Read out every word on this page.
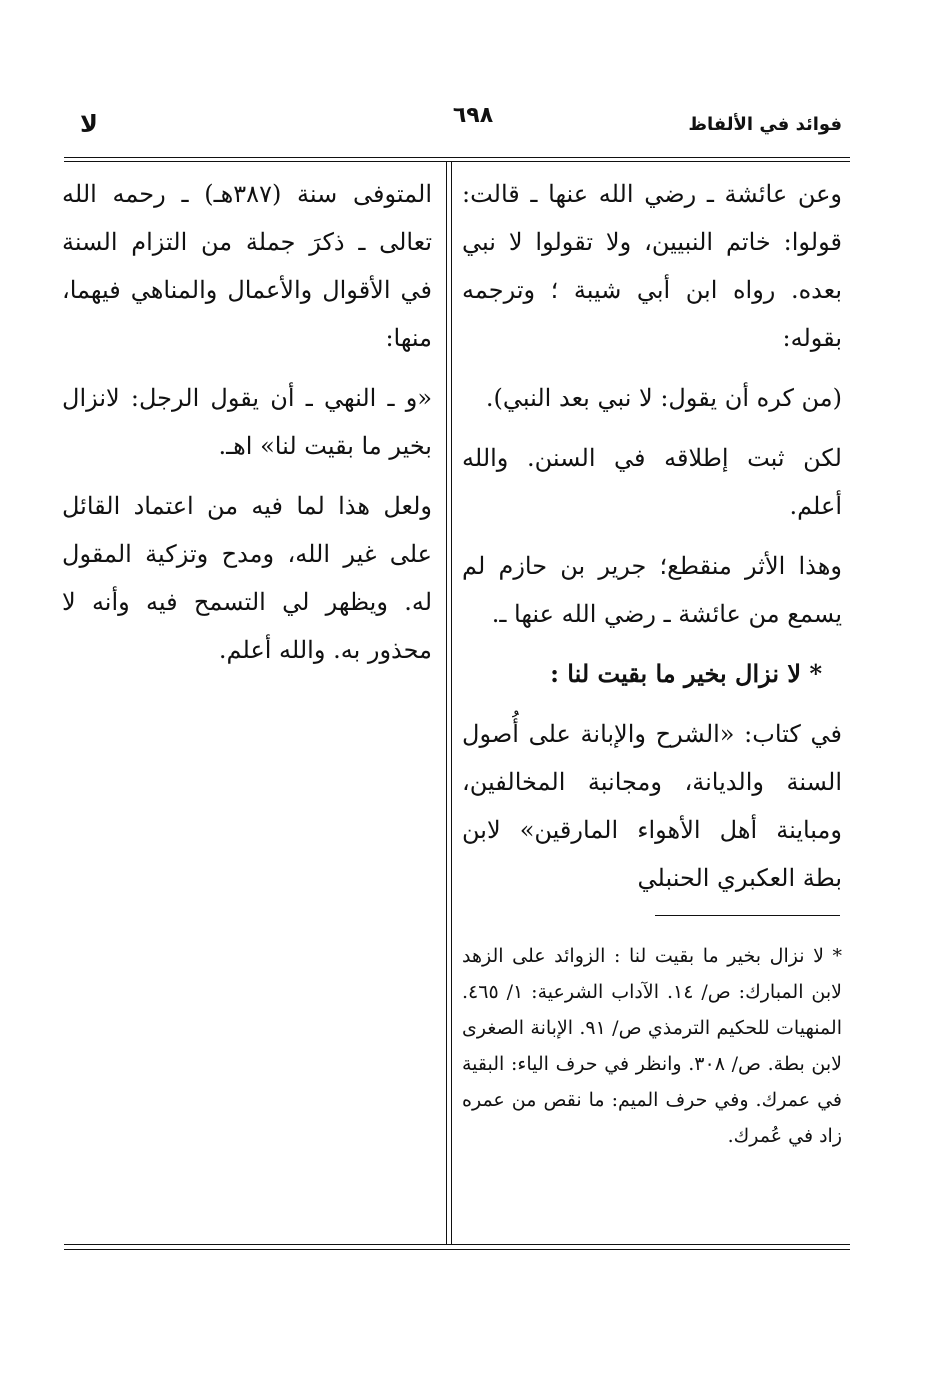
فوائد في الألفاظ
٦٩٨
لا

وعن عائشة ـ رضي الله عنها ـ قالت: قولوا: خاتم النبيين، ولا تقولوا لا نبي بعده. رواه ابن أبي شيبة ؛ وترجمه بقوله:

(من كره أن يقول: لا نبي بعد النبي).

لكن ثبت إطلاقه في السنن. والله أعلم.

وهذا الأثر منقطع؛ جرير بن حازم لم يسمع من عائشة ـ رضي الله عنها ـ.

* لا نزال بخير ما بقيت لنا :

في كتاب: «الشرح والإبانة على أُصول السنة والديانة، ومجانبة المخالفين، ومباينة أهل الأهواء المارقين» لابن بطة العكبري الحنبلي

المتوفى سنة (٣٨٧هـ) ـ رحمه الله تعالى ـ ذكرَ جملة من التزام السنة في الأقوال والأعمال والمناهي فيهما، منها:

«و ـ النهي ـ أن يقول الرجل: لانزال بخير ما بقيت لنا» اهـ.

ولعل هذا لما فيه من اعتماد القائل على غير الله، ومدح وتزكية المقول له. ويظهر لي التسمح فيه وأنه لا محذور به. والله أعلم.

* لا نزال بخير ما بقيت لنا : الزوائد على الزهد لابن المبارك: ص/ ١٤. الآداب الشرعية: ١/ ٤٦٥. المنهيات للحكيم الترمذي ص/ ٩١. الإبانة الصغرى لابن بطة. ص/ ٣٠٨. وانظر في حرف الياء: البقية في عمرك. وفي حرف الميم: ما نقص من عمره زاد في عُمرك.
